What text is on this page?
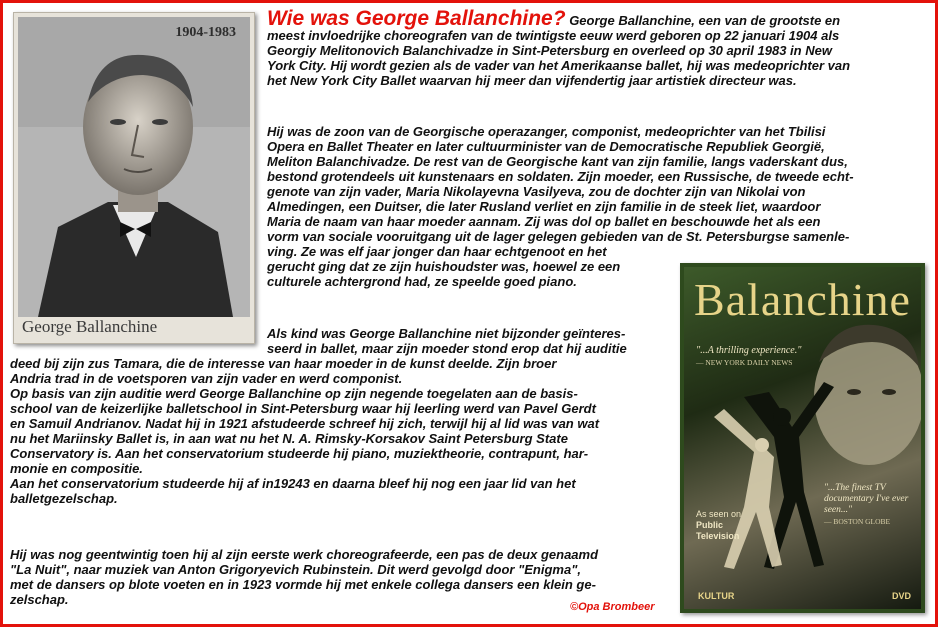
1904-1983
George Ballanchine
Wie was George Ballanchine? George Ballanchine, een van de grootste en
meest invloedrijke choreografen van de twintigste eeuw werd geboren op 22 januari 1904 als
Georgiy Melitonovich Balanchivadze in Sint-Petersburg en overleed op 30 april 1983 in New
York City. Hij wordt gezien als de vader van het Amerikaanse ballet, hij was medeoprichter van
het New York City Ballet waarvan hij meer dan vijfendertig jaar artistiek directeur was.
Hij was de zoon van de Georgische operazanger, componist, medeoprichter van het Tbilisi
Opera en Ballet Theater en later cultuurminister van de Democratische Republiek Georgië,
Meliton Balanchivadze. De rest van de Georgische kant van zijn familie, langs vaderskant dus,
bestond grotendeels uit kunstenaars en soldaten. Zijn moeder, een Russische, de tweede echt-
genote van zijn vader, Maria Nikolayevna Vasilyeva, zou de dochter zijn van Nikolai von
Almedingen, een Duitser, die later Rusland verliet en zijn familie in de steek liet, waardoor
Maria de naam van haar moeder aannam. Zij was dol op ballet en beschouwde het als een
vorm van sociale vooruitgang uit de lager gelegen gebieden van de St. Petersburgse samenle-
ving. Ze was elf jaar jonger dan haar echtgenoot en het
gerucht ging dat ze zijn huishoudster was, hoewel ze een
culturele achtergrond had, ze speelde goed piano.
Als kind was George Ballanchine niet bijzonder geïnteres-
seerd in ballet, maar zijn moeder stond erop dat hij auditie
deed bij zijn zus Tamara, die de interesse van haar moeder in de kunst deelde. Zijn broer
Andria trad in de voetsporen van zijn vader en werd componist.
Op basis van zijn auditie werd George Ballanchine op zijn negende toegelaten aan de basis-
school van de keizerlijke balletschool in Sint-Petersburg waar hij leerling werd van Pavel Gerdt
en Samuil Andrianov. Nadat hij in 1921 afstudeerde schreef hij zich, terwijl hij al lid was van wat
nu het Mariinsky Ballet is, in aan wat nu het N. A. Rimsky-Korsakov Saint Petersburg State
Conservatory is. Aan het conservatorium studeerde hij piano, muziektheorie, contrapunt, har-
monie en compositie.
Aan het conservatorium studeerde hij af in19243 en daarna bleef hij nog een jaar lid van het
balletgezelschap.
Hij was nog geentwintig toen hij al zijn eerste werk choreografeerde, een pas de deux genaamd
"La Nuit", naar muziek van Anton Grigoryevich Rubinstein. Dit werd gevolgd door "Enigma",
met de dansers op blote voeten en in 1923 vormde hij met enkele collega dansers een klein ge-
zelschap.	©Opa Brombeer
Balanchine
"...A thrilling experience."
— NEW YORK DAILY NEWS
As seen on
Public
Television
"...The finest TV documentary I've ever seen..."
— BOSTON GLOBE
KULTUR	DVD
